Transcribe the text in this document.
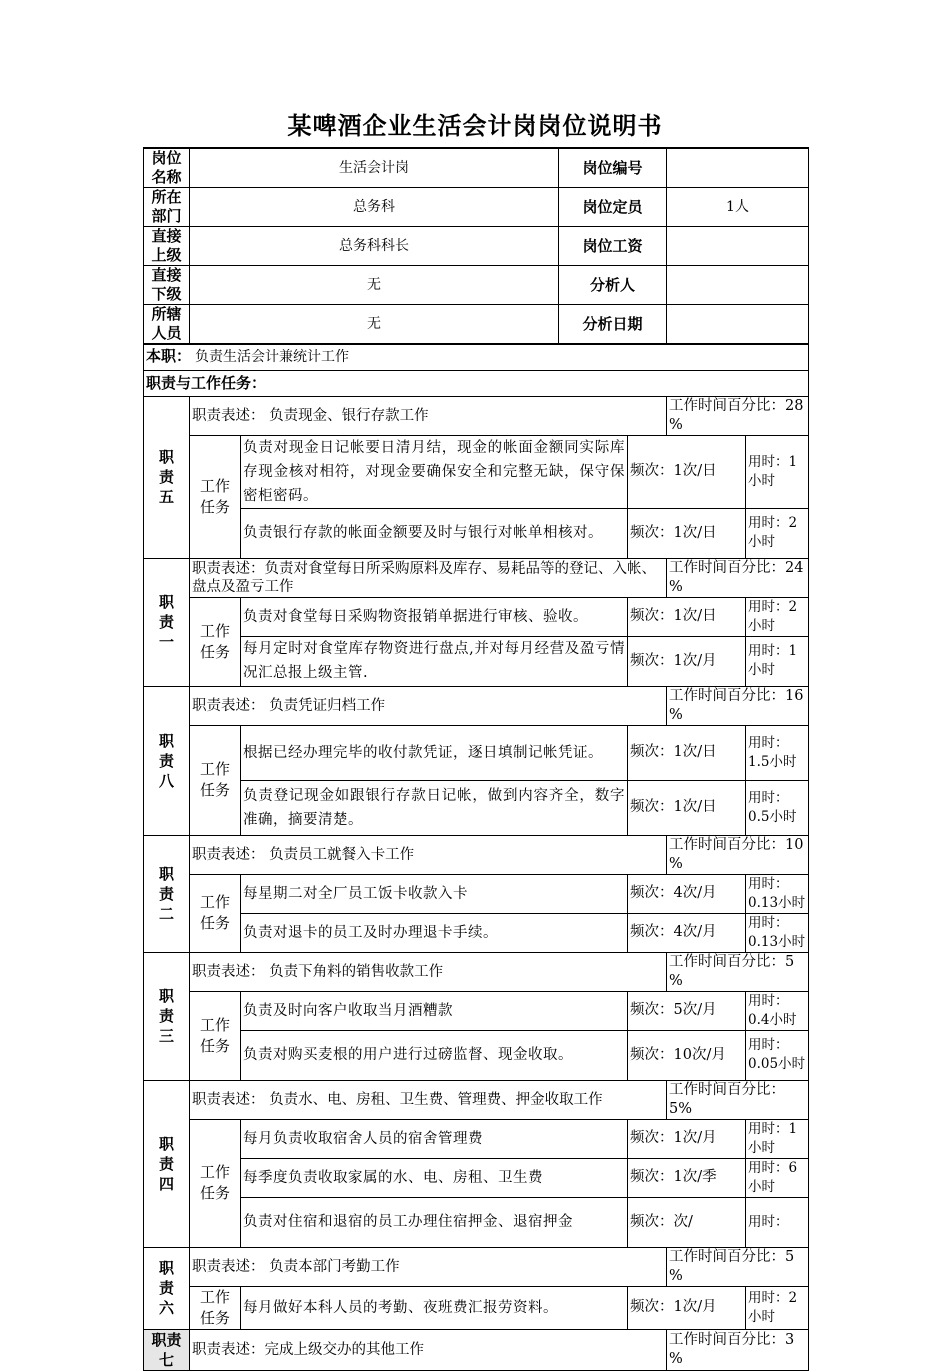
某啤酒企业生活会计岗岗位说明书
岗位名称	生活会计岗		岗位编号			
所在部门	总务科		岗位定员		1人	
直接上级	总务科科长		岗位工资			
直接下级	无		分析人			
所辖人员	无		分析日期			
本职： 负责生活会计兼统计工作						
职责与工作任务：						
职责五	职责表述： 负责现金、银行存款工作				工作时间百分比：28 %	
	工作任务	负责对现金日记帐要日清月结，现金的帐面金额同实际库存现金核对相符，对现金要确保安全和完整无缺，保守保密柜密码。		频次：1次/日		用时：1小时
		负责银行存款的帐面金额要及时与银行对帐单相核对。		频次：1次/日		用时：2小时
职责一	职责表述：负责对食堂每日所采购原料及库存、易耗品等的登记、入帐、盘点及盈亏工作				工作时间百分比：24 %	
	工作任务	负责对食堂每日采购物资报销单据进行审核、验收。		频次：1次/日		用时：2小时
		每月定时对食堂库存物资进行盘点,并对每月经营及盈亏情况汇总报上级主管.		频次：1次/月		用时：1小时
职责八	职责表述： 负责凭证归档工作				工作时间百分比：16 %	
	工作任务	根据已经办理完毕的收付款凭证，逐日填制记帐凭证。		频次：1次/日		用时：1.5小时
		负责登记现金如跟银行存款日记帐，做到内容齐全，数字准确，摘要清楚。		频次：1次/日		用时：0.5小时
职责二	职责表述： 负责员工就餐入卡工作				工作时间百分比：10 %	
	工作任务	每星期二对全厂员工饭卡收款入卡		频次：4次/月		用时：0.13小时
		负责对退卡的员工及时办理退卡手续。		频次：4次/月		用时：0.13小时
职责三	职责表述： 负责下角料的销售收款工作				工作时间百分比：5 %	
	工作任务	负责及时向客户收取当月酒糟款		频次：5次/月		用时：0.4小时
		负责对购买麦根的用户进行过磅监督、现金收取。		频次：10次/月		用时：0.05小时
职责四	职责表述： 负责水、电、房租、卫生费、管理费、押金收取工作				工作时间百分比：5%	
	工作任务	每月负责收取宿舍人员的宿舍管理费		频次：1次/月		用时：1小时
		每季度负责收取家属的水、电、房租、卫生费		频次：1次/季		用时：6小时
		负责对住宿和退宿的员工办理住宿押金、退宿押金		频次：次/		用时：
职责六	职责表述： 负责本部门考勤工作				工作时间百分比：5 %	
	工作任务	每月做好本科人员的考勤、夜班费汇报劳资料。		频次：1次/月		用时：2小时
职责七	职责表述：完成上级交办的其他工作				工作时间百分比：3 %	
